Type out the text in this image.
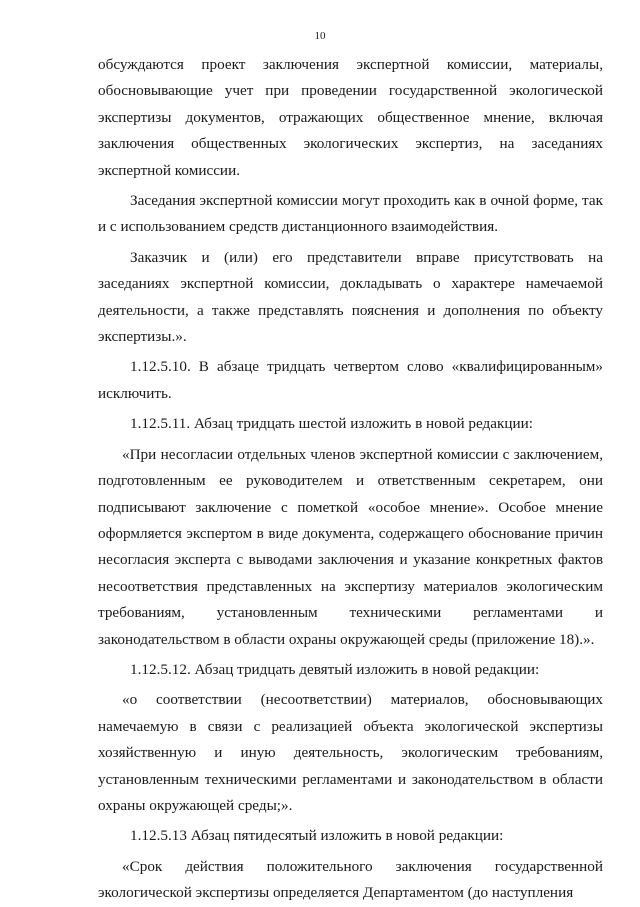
10

обсуждаются проект заключения экспертной комиссии, материалы, обосновывающие учет при проведении государственной экологической экспертизы документов, отражающих общественное мнение, включая заключения общественных экологических экспертиз, на заседаниях экспертной комиссии.

Заседания экспертной комиссии могут проходить как в очной форме, так и с использованием средств дистанционного взаимодействия.

Заказчик и (или) его представители вправе присутствовать на заседаниях экспертной комиссии, докладывать о характере намечаемой деятельности, а также представлять пояснения и дополнения по объекту экспертизы.».

1.12.5.10. В абзаце тридцать четвертом слово «квалифицированным» исключить.

1.12.5.11. Абзац тридцать шестой изложить в новой редакции:

«При несогласии отдельных членов экспертной комиссии с заключением, подготовленным ее руководителем и ответственным секретарем, они подписывают заключение с пометкой «особое мнение». Особое мнение оформляется экспертом в виде документа, содержащего обоснование причин несогласия эксперта с выводами заключения и указание конкретных фактов несоответствия представленных на экспертизу материалов экологическим требованиям, установленным техническими регламентами и законодательством в области охраны окружающей среды (приложение 18).».

1.12.5.12. Абзац тридцать девятый изложить в новой редакции:

«о соответствии (несоответствии) материалов, обосновывающих намечаемую в связи с реализацией объекта экологической экспертизы хозяйственную и иную деятельность, экологическим требованиям, установленным техническими регламентами и законодательством в области охраны окружающей среды;».

1.12.5.13 Абзац пятидесятый изложить в новой редакции:

«Срок действия положительного заключения государственной экологической экспертизы определяется Департаментом (до наступления
